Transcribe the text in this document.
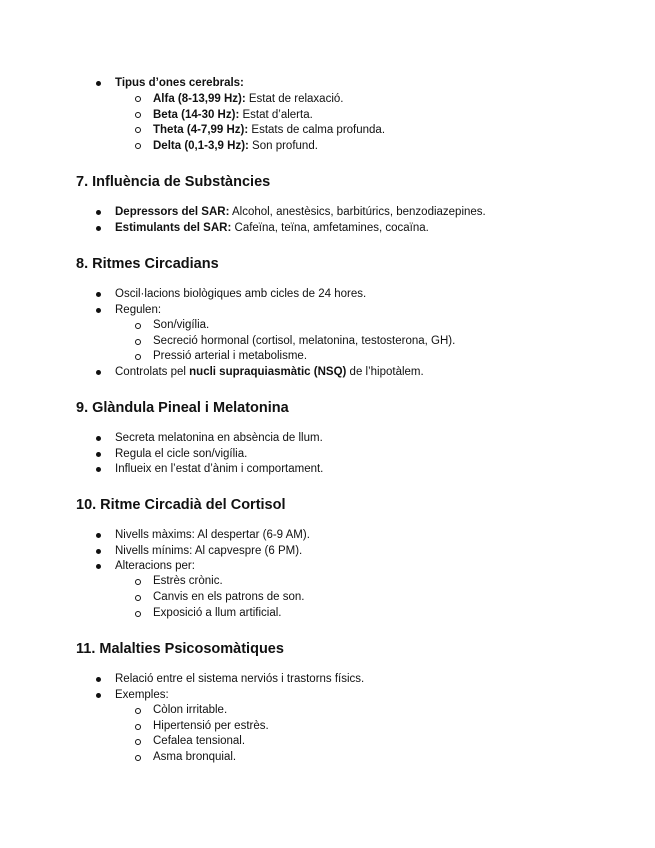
Tipus d’ones cerebrals:
Alfa (8-13,99 Hz): Estat de relaxació.
Beta (14-30 Hz): Estat d’alerta.
Theta (4-7,99 Hz): Estats de calma profunda.
Delta (0,1-3,9 Hz): Son profund.
7. Influència de Substàncies
Depressors del SAR: Alcohol, anestèsics, barbitúrics, benzodiazepines.
Estimulants del SAR: Cafeïna, teïna, amfetamines, cocaïna.
8. Ritmes Circadians
Oscil·lacions biològiques amb cicles de 24 hores.
Regulen:
Son/vigília.
Secreció hormonal (cortisol, melatonina, testosterona, GH).
Pressió arterial i metabolisme.
Controlats pel nucli supraquiasmàtic (NSQ) de l’hipotàlem.
9. Glàndula Pineal i Melatonina
Secreta melatonina en absència de llum.
Regula el cicle son/vigília.
Influeix en l’estat d’ànim i comportament.
10. Ritme Circadià del Cortisol
Nivells màxims: Al despertar (6-9 AM).
Nivells mínims: Al capvespre (6 PM).
Alteracions per:
Estrès crònic.
Canvis en els patrons de son.
Exposició a llum artificial.
11. Malalties Psicosomàtiques
Relació entre el sistema nerviós i trastorns físics.
Exemples:
Còlon irritable.
Hipertensió per estrès.
Cefalea tensional.
Asma bronquial.
